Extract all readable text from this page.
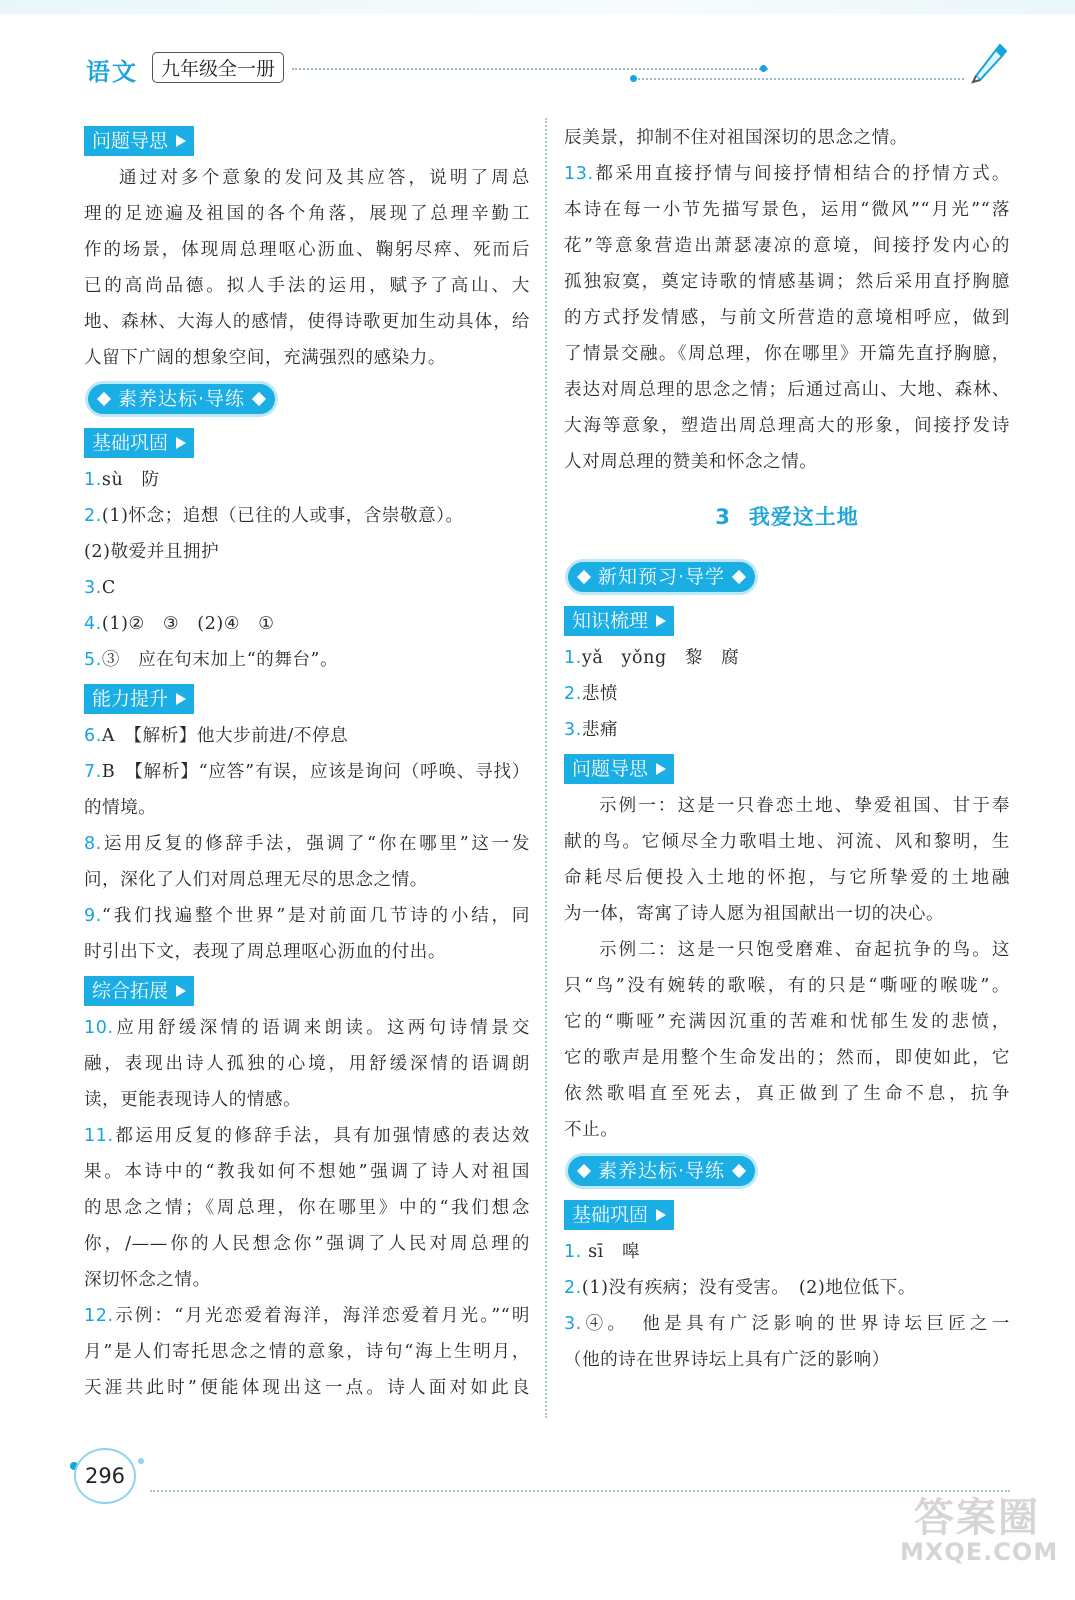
语文	九年级全一册
问题导思
通过对多个意象的发问及其应答，说明了周总
理的足迹遍及祖国的各个角落，展现了总理辛勤工
作的场景，体现周总理呕心沥血、鞠躬尽瘁、死而后
已的高尚品德。拟人手法的运用，赋予了高山、大
地、森林、大海人的感情，使得诗歌更加生动具体，给
人留下广阔的想象空间，充满强烈的感染力。
素养达标·导练
基础巩固
1.sù　防
2.(1)怀念；追想（已往的人或事，含崇敬意）。
(2)敬爱并且拥护
3.C
4.(1)②　③　(2)④　①
5.③　应在句末加上“的舞台”。
能力提升
6.A　【解析】他大步前进/不停息
7.B　【解析】“应答”有误，应该是询问（呼唤、寻找）
的情境。
8.运用反复的修辞手法，强调了“你在哪里”这一发
问，深化了人们对周总理无尽的思念之情。
9.“我们找遍整个世界”是对前面几节诗的小结，同
时引出下文，表现了周总理呕心沥血的付出。
综合拓展
10.应用舒缓深情的语调来朗读。这两句诗情景交
融，表现出诗人孤独的心境，用舒缓深情的语调朗
读，更能表现诗人的情感。
11.都运用反复的修辞手法，具有加强情感的表达效
果。本诗中的“教我如何不想她”强调了诗人对祖国
的思念之情；《周总理，你在哪里》中的“我们想念
你，/——你的人民想念你”强调了人民对周总理的
深切怀念之情。
12.示例：“月光恋爱着海洋，海洋恋爱着月光。”“明
月”是人们寄托思念之情的意象，诗句“海上生明月，
天涯共此时”便能体现出这一点。诗人面对如此良
辰美景，抑制不住对祖国深切的思念之情。
13.都采用直接抒情与间接抒情相结合的抒情方式。
本诗在每一小节先描写景色，运用“微风”“月光”“落
花”等意象营造出萧瑟凄凉的意境，间接抒发内心的
孤独寂寞，奠定诗歌的情感基调；然后采用直抒胸臆
的方式抒发情感，与前文所营造的意境相呼应，做到
了情景交融。《周总理，你在哪里》开篇先直抒胸臆，
表达对周总理的思念之情；后通过高山、大地、森林、
大海等意象，塑造出周总理高大的形象，间接抒发诗
人对周总理的赞美和怀念之情。
3 我爱这土地
新知预习·导学
知识梳理
1.yǎ　yǒng　黎　腐
2.悲愤
3.悲痛
问题导思
示例一：这是一只眷恋土地、挚爱祖国、甘于奉
献的鸟。它倾尽全力歌唱土地、河流、风和黎明，生
命耗尽后便投入土地的怀抱，与它所挚爱的土地融
为一体，寄寓了诗人愿为祖国献出一切的决心。
示例二：这是一只饱受磨难、奋起抗争的鸟。这
只“鸟”没有婉转的歌喉，有的只是“嘶哑的喉咙”。
它的“嘶哑”充满因沉重的苦难和忧郁生发的悲愤，
它的歌声是用整个生命发出的；然而，即使如此，它
依然歌唱直至死去，真正做到了生命不息，抗争
不止。
素养达标·导练
基础巩固
1. sī　嗥
2.(1)没有疾病；没有受害。　(2)地位低下。
3.④。　他是具有广泛影响的世界诗坛巨匠之一
（他的诗在世界诗坛上具有广泛的影响）
296
答案圈
MXQE.COM
